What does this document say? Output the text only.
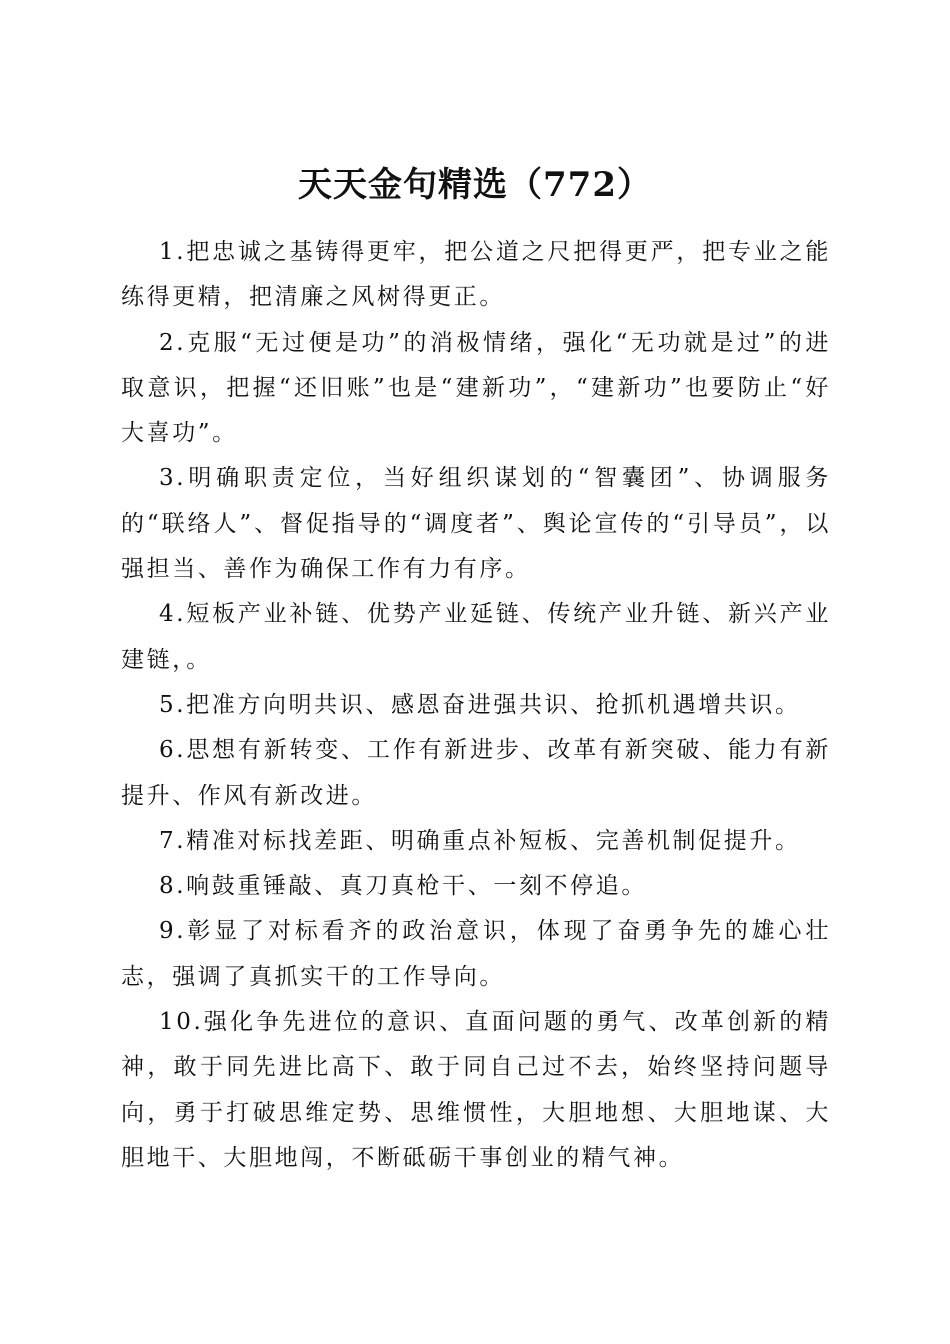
天天金句精选（772）

1.把忠诚之基铸得更牢，把公道之尺把得更严，把专业之能练得更精，把清廉之风树得更正。

2.克服“无过便是功”的消极情绪，强化“无功就是过”的进取意识，把握“还旧账”也是“建新功”，“建新功”也要防止“好大喜功”。

3.明确职责定位，当好组织谋划的“智囊团”、协调服务的“联络人”、督促指导的“调度者”、舆论宣传的“引导员”，以强担当、善作为确保工作有力有序。

4.短板产业补链、优势产业延链、传统产业升链、新兴产业建链，。

5.把准方向明共识、感恩奋进强共识、抢抓机遇增共识。

6.思想有新转变、工作有新进步、改革有新突破、能力有新提升、作风有新改进。

7.精准对标找差距、明确重点补短板、完善机制促提升。

8.响鼓重锤敲、真刀真枪干、一刻不停追。

9.彰显了对标看齐的政治意识，体现了奋勇争先的雄心壮志，强调了真抓实干的工作导向。

10.强化争先进位的意识、直面问题的勇气、改革创新的精神，敢于同先进比高下、敢于同自己过不去，始终坚持问题导向，勇于打破思维定势、思维惯性，大胆地想、大胆地谋、大胆地干、大胆地闯，不断砥砺干事创业的精气神。
